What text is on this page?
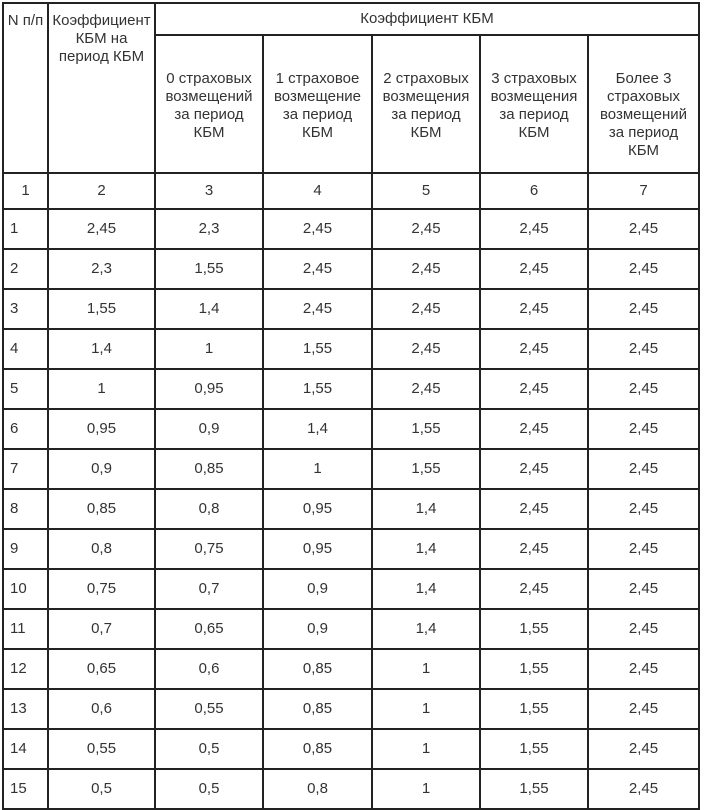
N п/п	Коэффициент КБМ на период КБМ	Коэффициент КБМ				
		0 страховых возмещений за период КБМ	1 страховое возмещение за период КБМ	2 страховых возмещения за период КБМ	3 страховых возмещения за период КБМ	Более 3 страховых возмещений за период КБМ
1	2	3	4	5	6	7
1	2,45	2,3	2,45	2,45	2,45	2,45
2	2,3	1,55	2,45	2,45	2,45	2,45
3	1,55	1,4	2,45	2,45	2,45	2,45
4	1,4	1	1,55	2,45	2,45	2,45
5	1	0,95	1,55	2,45	2,45	2,45
6	0,95	0,9	1,4	1,55	2,45	2,45
7	0,9	0,85	1	1,55	2,45	2,45
8	0,85	0,8	0,95	1,4	2,45	2,45
9	0,8	0,75	0,95	1,4	2,45	2,45
10	0,75	0,7	0,9	1,4	2,45	2,45
11	0,7	0,65	0,9	1,4	1,55	2,45
12	0,65	0,6	0,85	1	1,55	2,45
13	0,6	0,55	0,85	1	1,55	2,45
14	0,55	0,5	0,85	1	1,55	2,45
15	0,5	0,5	0,8	1	1,55	2,45
